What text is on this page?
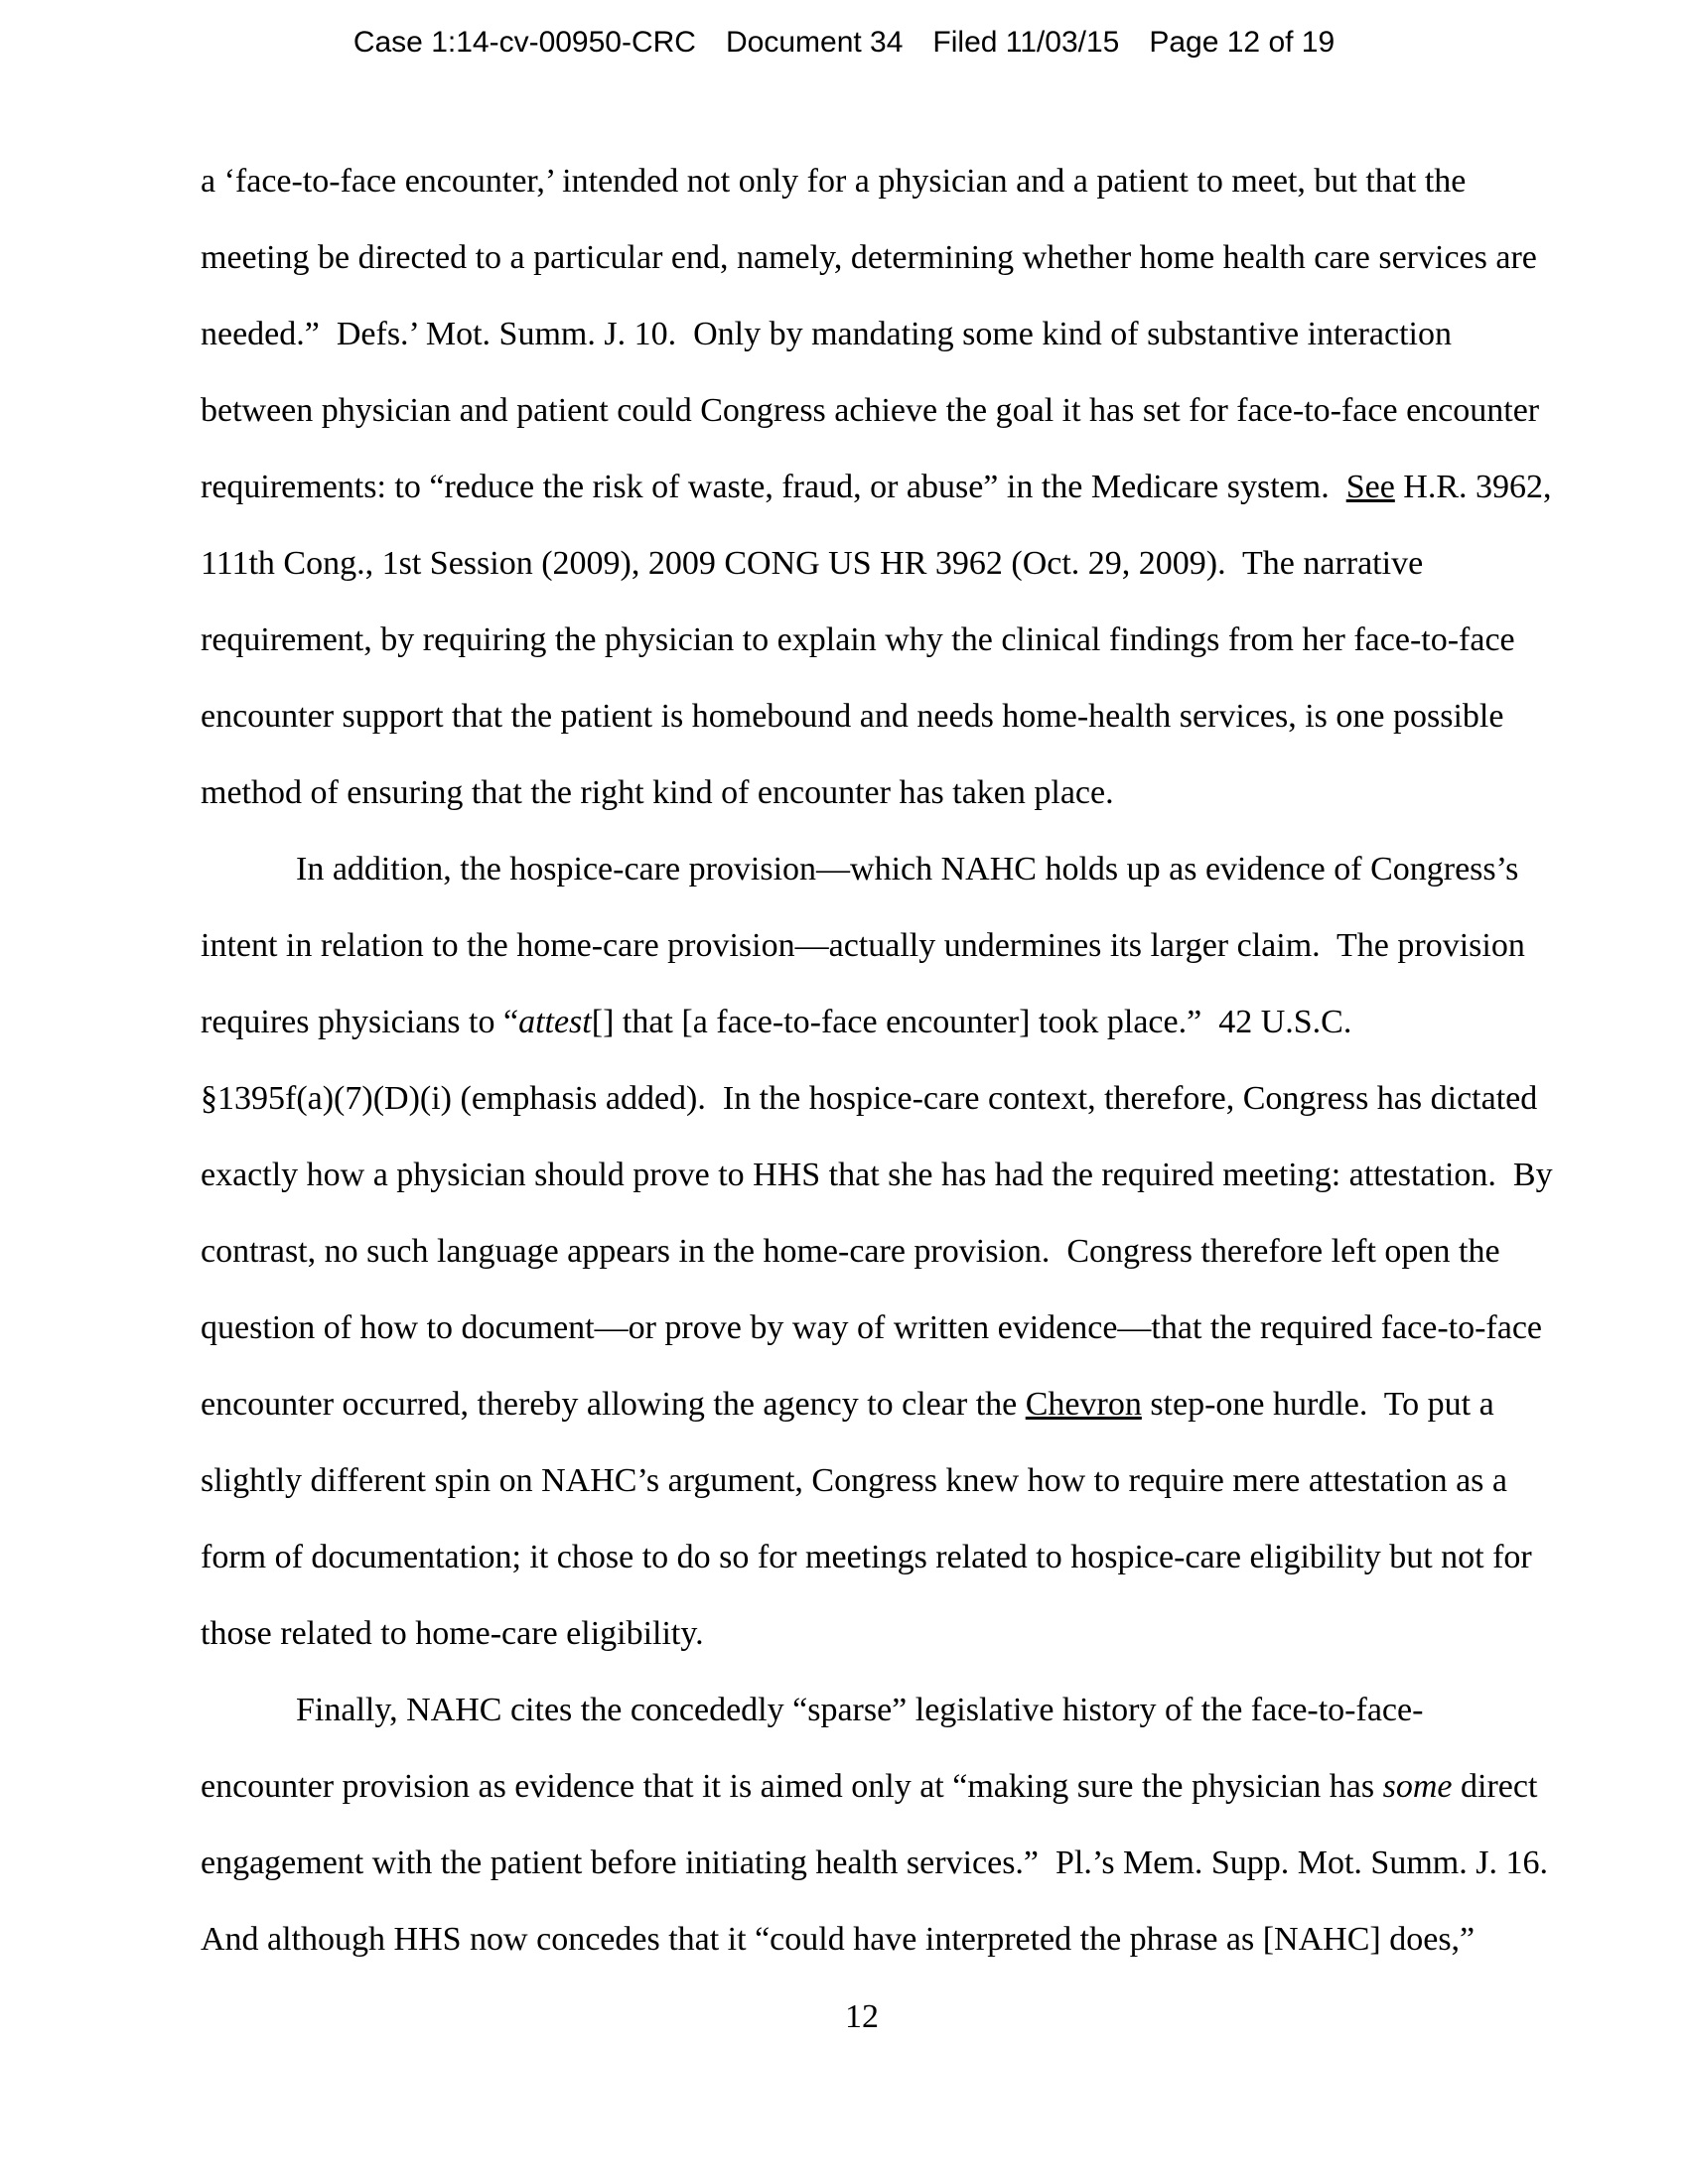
Case 1:14-cv-00950-CRC Document 34 Filed 11/03/15 Page 12 of 19
a ‘face-to-face encounter,’ intended not only for a physician and a patient to meet, but that the
meeting be directed to a particular end, namely, determining whether home health care services are
needed.”  Defs.’ Mot. Summ. J. 10.  Only by mandating some kind of substantive interaction
between physician and patient could Congress achieve the goal it has set for face-to-face encounter
requirements: to “reduce the risk of waste, fraud, or abuse” in the Medicare system.  See H.R. 3962,
111th Cong., 1st Session (2009), 2009 CONG US HR 3962 (Oct. 29, 2009).  The narrative
requirement, by requiring the physician to explain why the clinical findings from her face-to-face
encounter support that the patient is homebound and needs home-health services, is one possible
method of ensuring that the right kind of encounter has taken place.
In addition, the hospice-care provision—which NAHC holds up as evidence of Congress’s
intent in relation to the home-care provision—actually undermines its larger claim.  The provision
requires physicians to “attest[] that [a face-to-face encounter] took place.”  42 U.S.C.
§1395f(a)(7)(D)(i) (emphasis added).  In the hospice-care context, therefore, Congress has dictated
exactly how a physician should prove to HHS that she has had the required meeting: attestation.  By
contrast, no such language appears in the home-care provision.  Congress therefore left open the
question of how to document—or prove by way of written evidence—that the required face-to-face
encounter occurred, thereby allowing the agency to clear the Chevron step-one hurdle.  To put a
slightly different spin on NAHC’s argument, Congress knew how to require mere attestation as a
form of documentation; it chose to do so for meetings related to hospice-care eligibility but not for
those related to home-care eligibility.
Finally, NAHC cites the concededly “sparse” legislative history of the face-to-face-
encounter provision as evidence that it is aimed only at “making sure the physician has some direct
engagement with the patient before initiating health services.”  Pl.’s Mem. Supp. Mot. Summ. J. 16.
And although HHS now concedes that it “could have interpreted the phrase as [NAHC] does,”
12
